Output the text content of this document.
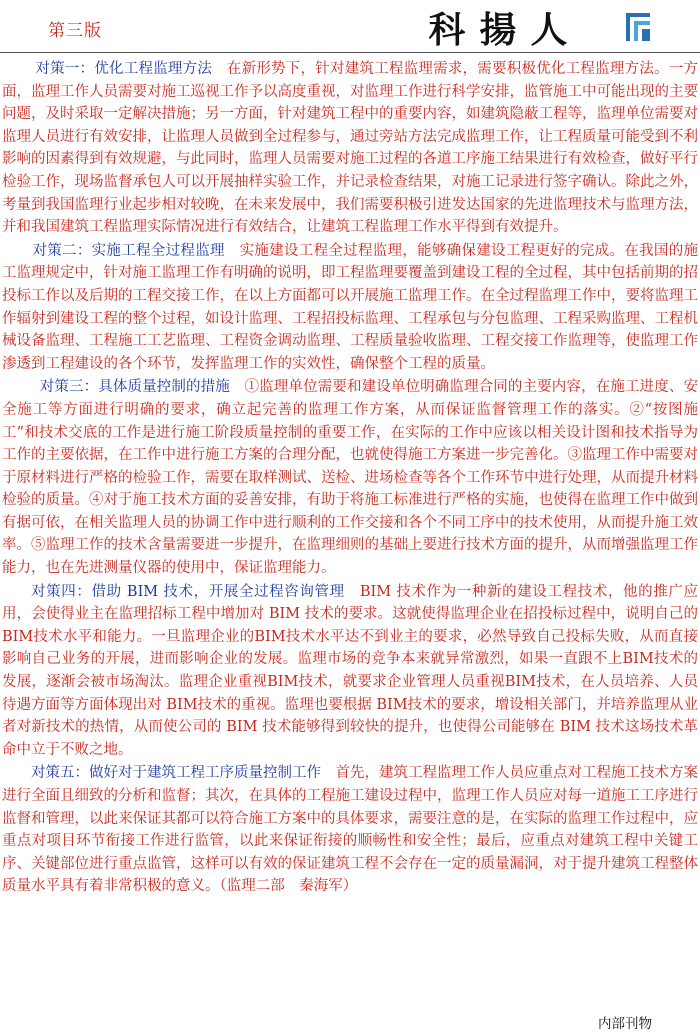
第三版	科揚人

对策一：优化工程监理方法　在新形势下，针对建筑工程监理需求，需要积极优化工程监理方法。一方面，监理工作人员需要对施工巡视工作予以高度重视，对监理工作进行科学安排，监管施工中可能出现的主要问题，及时采取一定解决措施；另一方面，针对建筑工程中的重要内容，如建筑隐蔽工程等，监理单位需要对监理人员进行有效安排，让监理人员做到全过程参与，通过旁站方法完成监理工作，让工程质量可能受到不利影响的因素得到有效规避，与此同时，监理人员需要对施工过程的各道工序施工结果进行有效检查，做好平行检验工作，现场监督承包人可以开展抽样实验工作，并记录检查结果，对施工记录进行签字确认。除此之外，考量到我国监理行业起步相对较晚，在未来发展中，我们需要积极引进发达国家的先进监理技术与监理方法，并和我国建筑工程监理实际情况进行有效结合，让建筑工程监理工作水平得到有效提升。

对策二：实施工程全过程监理　实施建设工程全过程监理，能够确保建设工程更好的完成。在我国的施工监理规定中，针对施工监理工作有明确的说明，即工程监理要覆盖到建设工程的全过程，其中包括前期的招投标工作以及后期的工程交接工作，在以上方面都可以开展施工监理工作。在全过程监理工作中，要将监理工作辐射到建设工程的整个过程，如设计监理、工程招投标监理、工程承包与分包监理、工程采购监理、工程机械设备监理、工程施工工艺监理、工程资金调动监理、工程质量验收监理、工程交接工作监理等，使监理工作渗透到工程建设的各个环节，发挥监理工作的实效性，确保整个工程的质量。

对策三：具体质量控制的措施　①监理单位需要和建设单位明确监理合同的主要内容，在施工进度、安全施工等方面进行明确的要求，确立起完善的监理工作方案，从而保证监督管理工作的落实。②“按图施工”和技术交底的工作是进行施工阶段质量控制的重要工作，在实际的工作中应该以相关设计图和技术指导为工作的主要依据，在工作中进行施工方案的合理分配，也就使得施工方案进一步完善化。③监理工作中需要对于原材料进行严格的检验工作，需要在取样测试、送检、进场检查等各个工作环节中进行处理，从而提升材料检验的质量。④对于施工技术方面的妥善安排，有助于将施工标准进行严格的实施，也使得在监理工作中做到有据可依，在相关监理人员的协调工作中进行顺利的工作交接和各个不同工序中的技术使用，从而提升施工效率。⑤监理工作的技术含量需要进一步提升，在监理细则的基础上要进行技术方面的提升，从而增强监理工作能力，也在先进测量仪器的使用中，保证监理能力。

对策四：借助 BIM 技术，开展全过程咨询管理　BIM 技术作为一种新的建设工程技术，他的推广应用，会使得业主在监理招标工程中增加对 BIM 技术的要求。这就使得监理企业在招投标过程中，说明自己的BIM技术水平和能力。一旦监理企业的BIM技术水平达不到业主的要求，必然导致自己投标失败，从而直接影响自己业务的开展，进而影响企业的发展。监理市场的竞争本来就异常激烈，如果一直跟不上BIM技术的发展，逐渐会被市场淘汰。监理企业重视BIM技术，就要求企业管理人员重视BIM技术，在人员培养、人员待遇方面等方面体现出对 BIM技术的重视。监理也要根据 BIM技术的要求，增设相关部门，并培养监理从业者对新技术的热情，从而使公司的 BIM 技术能够得到较快的提升，也使得公司能够在 BIM 技术这场技术革命中立于不败之地。

对策五：做好对于建筑工程工序质量控制工作　首先，建筑工程监理工作人员应重点对工程施工技术方案进行全面且细致的分析和监督；其次，在具体的工程施工建设过程中，监理工作人员应对每一道施工工序进行监督和管理，以此来保证其都可以符合施工方案中的具体要求，需要注意的是，在实际的监理工作过程中，应重点对项目环节衔接工作进行监管，以此来保证衔接的顺畅性和安全性；最后，应重点对建筑工程中关键工序、关键部位进行重点监管，这样可以有效的保证建筑工程不会存在一定的质量漏洞，对于提升建筑工程整体质量水平具有着非常积极的意义。（监理二部　秦海军）

内部刊物
